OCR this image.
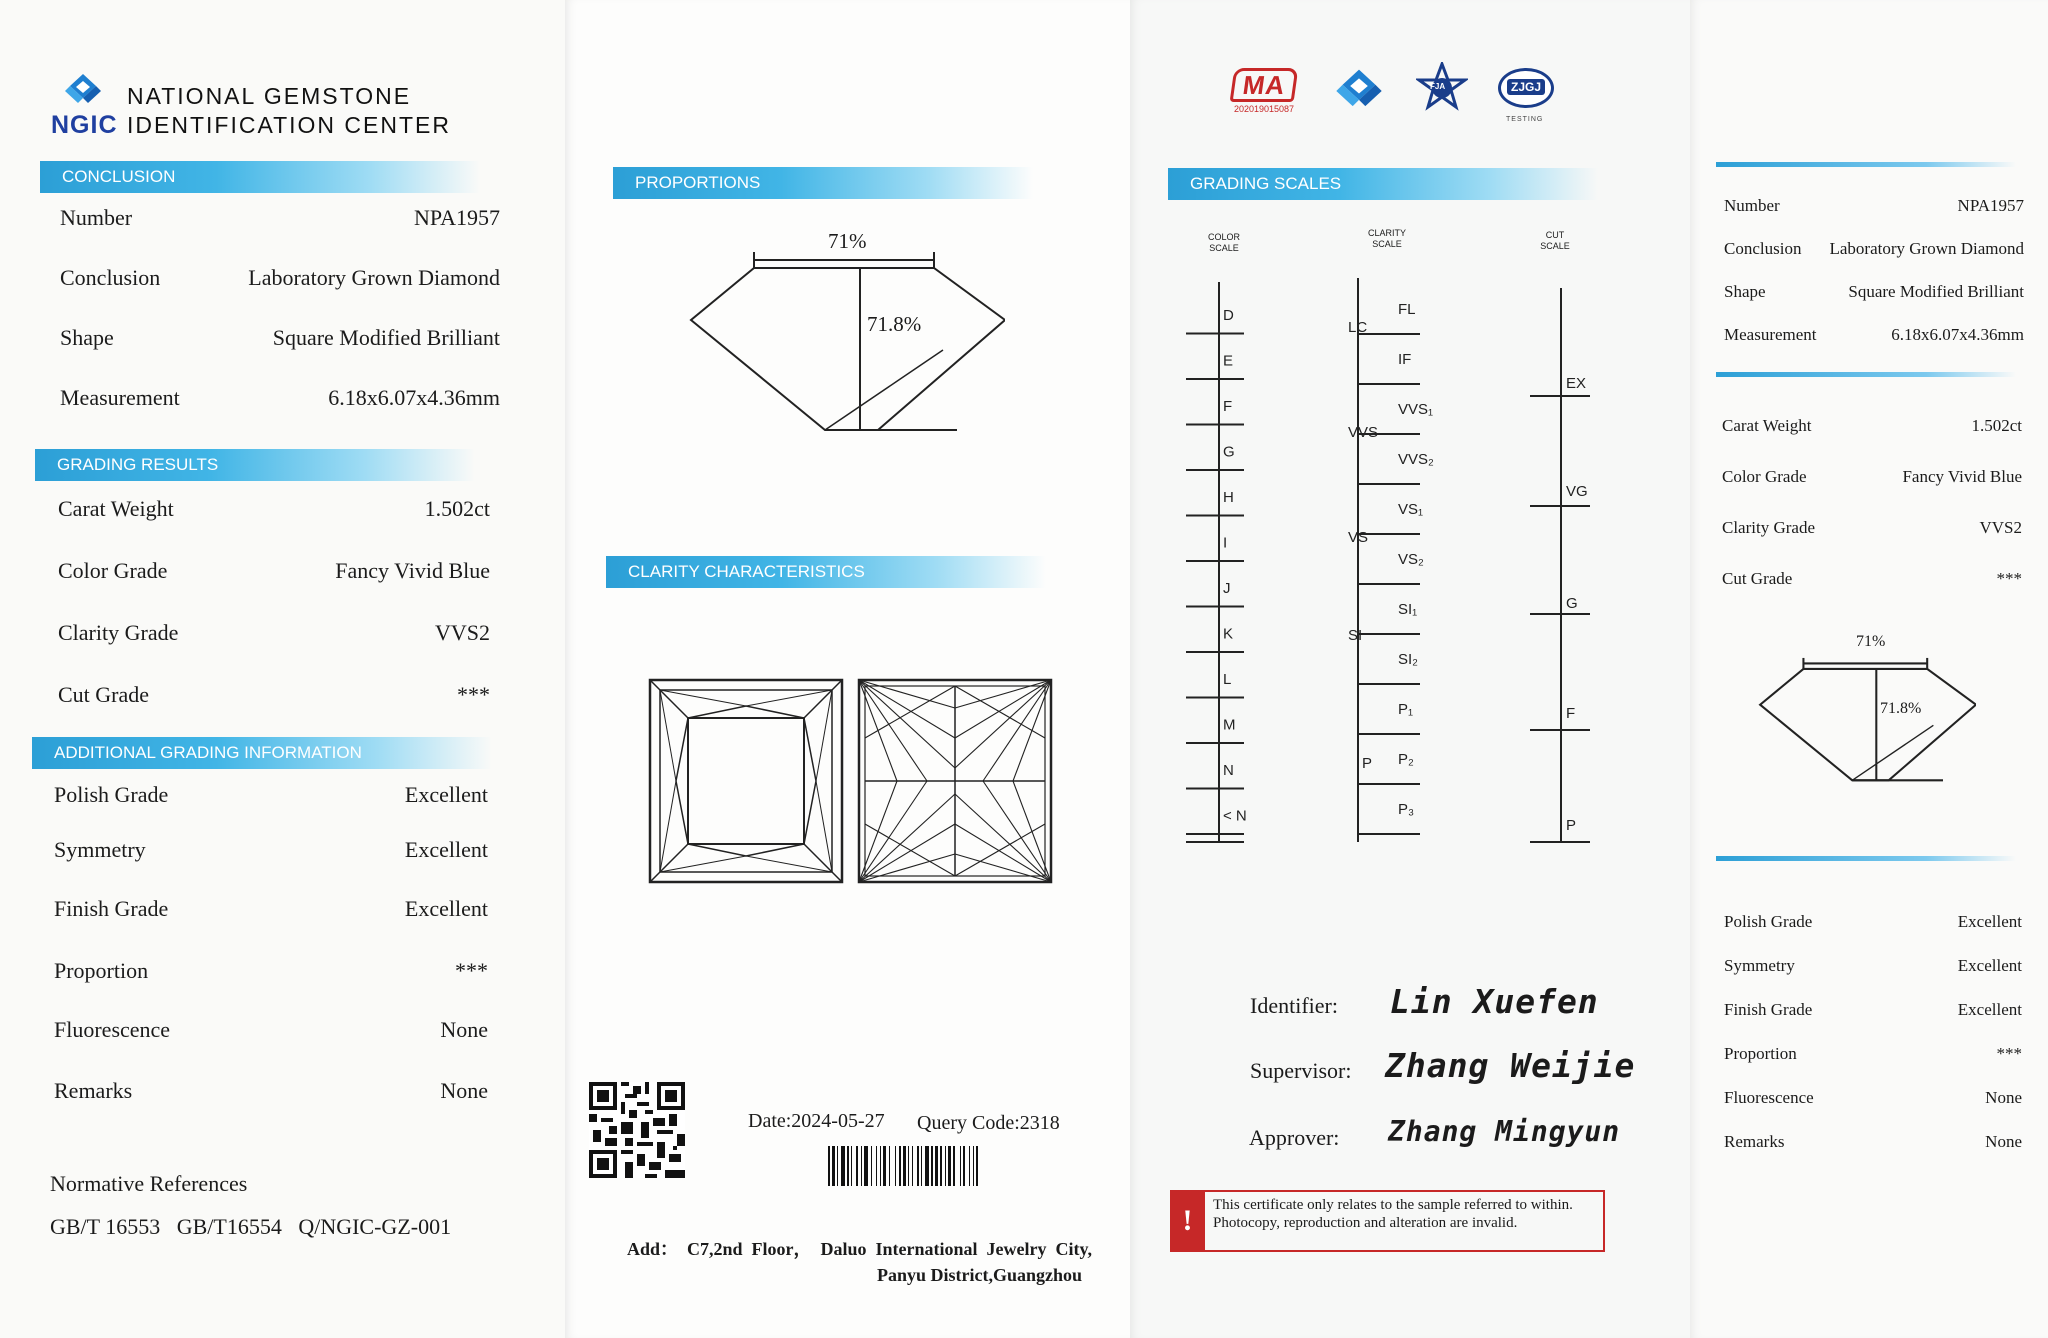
NGIC
NATIONAL GEMSTONE
IDENTIFICATION CENTER
CONCLUSION
Number	NPA1957
Conclusion	Laboratory Grown Diamond
Shape	Square Modified Brilliant
Measurement	6.18x6.07x4.36mm
GRADING RESULTS
Carat Weight	1.502ct
Color Grade	Fancy Vivid Blue
Clarity Grade	VVS2
Cut Grade	***
ADDITIONAL GRADING INFORMATION
Polish Grade	Excellent
Symmetry	Excellent
Finish Grade	Excellent
Proportion	***
Fluorescence	None
Remarks	None
Normative References
GB/T 16553   GB/T16554   Q/NGIC-GZ-001
PROPORTIONS
71%
71.8%
CLARITY CHARACTERISTICS
Date:2024-05-27 Query Code:2318
Add：  C7,2nd  Floor，  Daluo  International  Jewelry  City,
Panyu District,Guangzhou
MA
202019015087
FJA	ZJGJ
TESTING
GRADING SCALES
COLOR
SCALE
CLARITY
SCALE
CUT
SCALE
D
E
F
G
H
I
J
K
L
M
N
< N
FL
IF
VVS₁
VVS₂
VS₁
VS₂
SI₁
SI₂
P₁
P₂
P₃
LC
VVS
VS
SI
P
EX
VG
G
F
P
Identifier: Lin Xuefen
Supervisor: Zhang Weijie
Approver: Zhang Mingyun
!	This certificate only relates to the sample referred to within. Photocopy, reproduction and alteration are invalid.
Number	NPA1957
Conclusion Laboratory Grown Diamond
Shape	Square Modified Brilliant
Measurement	6.18x6.07x4.36mm
Carat Weight	1.502ct
Color Grade	Fancy Vivid Blue
Clarity Grade	VVS2
Cut Grade	***
71%
71.8%
Polish Grade	Excellent
Symmetry	Excellent
Finish Grade	Excellent
Proportion	***
Fluorescence	None
Remarks	None
